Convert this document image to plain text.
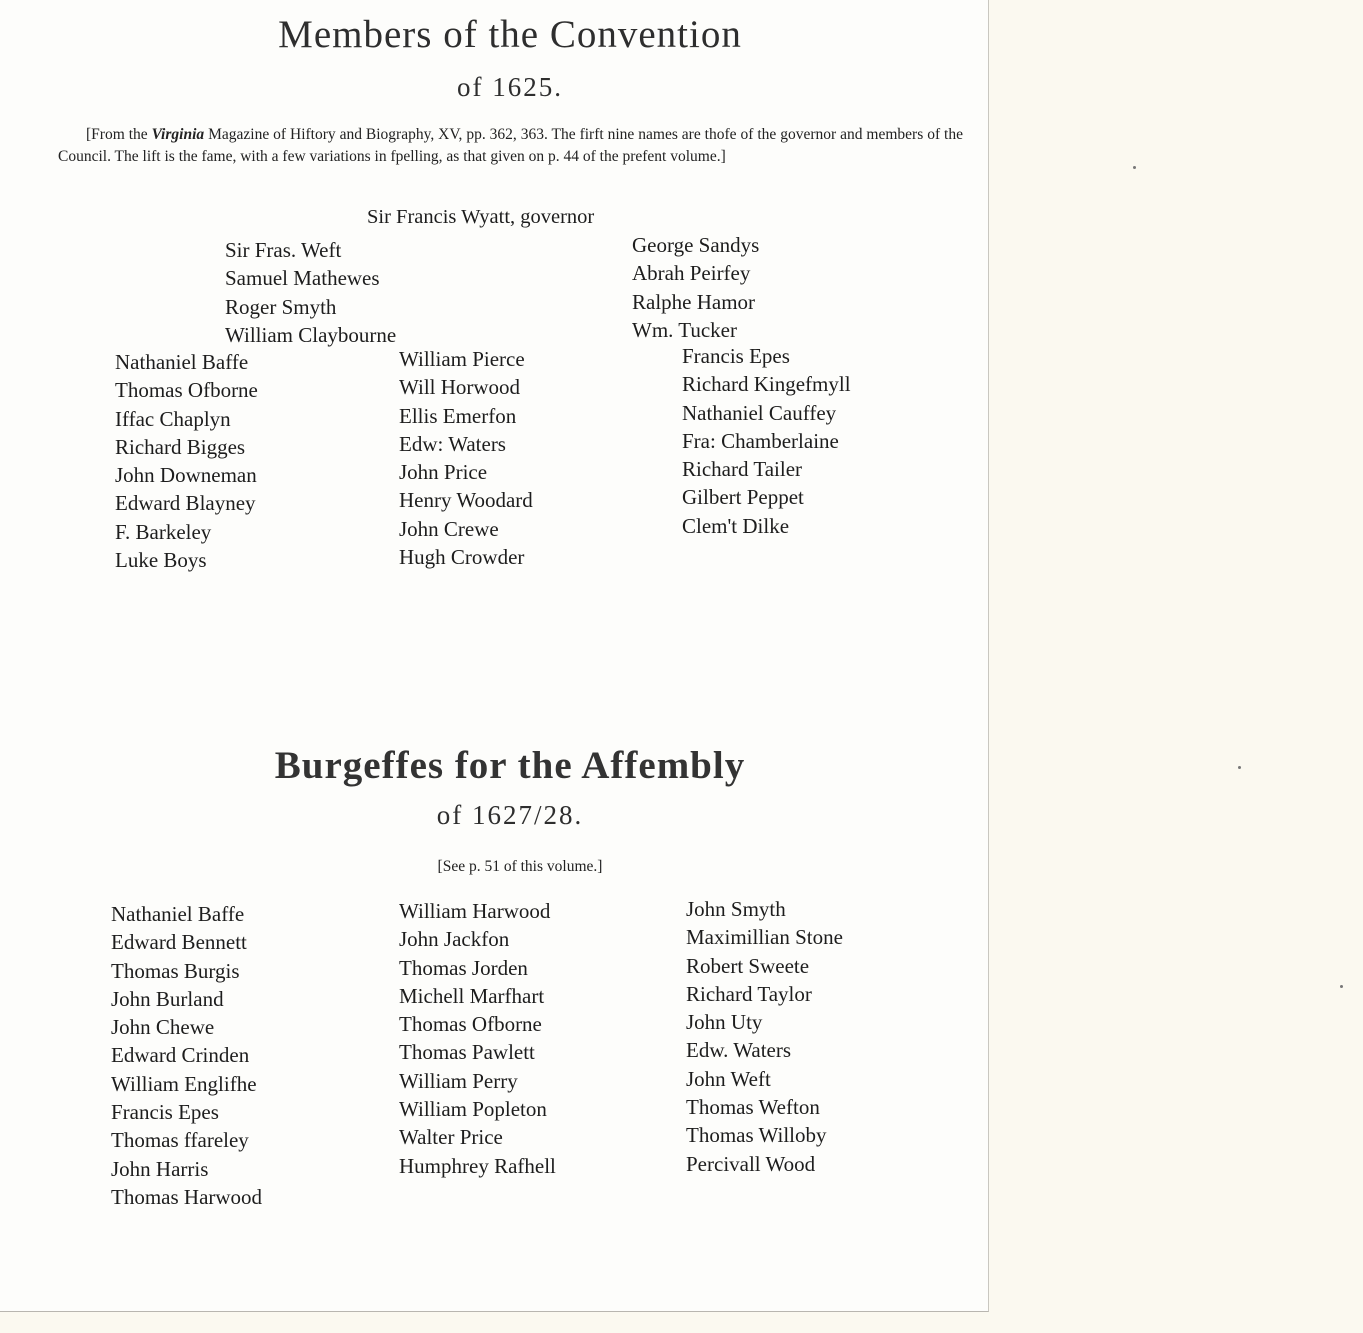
Members of the Convention
of 1625.
[From the Virginia Magazine of Hiftory and Biography, XV, pp. 362, 363. The firft nine names are thofe of the governor and members of the Council. The lift is the fame, with a few variations in fpelling, as that given on p. 44 of the prefent volume.]
Sir Francis Wyatt, governor
Sir Fras. Weft
Samuel Mathewes
Roger Smyth
William Claybourne
George Sandys
Abrah Peirfey
Ralphe Hamor
Wm. Tucker
Nathaniel Baffe
Thomas Ofborne
Iffac Chaplyn
Richard Bigges
John Downeman
Edward Blayney
F. Barkeley
Luke Boys
William Pierce
Will Horwood
Ellis Emerfon
Edw: Waters
John Price
Henry Woodard
John Crewe
Hugh Crowder
Francis Epes
Richard Kingefmyll
Nathaniel Cauffey
Fra: Chamberlaine
Richard Tailer
Gilbert Peppet
Clem't Dilke
Burgeffes for the Affembly
of 1627/28.
[See p. 51 of this volume.]
Nathaniel Baffe
Edward Bennett
Thomas Burgis
John Burland
John Chewe
Edward Crinden
William Englifhe
Francis Epes
Thomas ffareley
John Harris
Thomas Harwood
William Harwood
John Jackfon
Thomas Jorden
Michell Marfhart
Thomas Ofborne
Thomas Pawlett
William Perry
William Popleton
Walter Price
Humphrey Rafhell
John Smyth
Maximillian Stone
Robert Sweete
Richard Taylor
John Uty
Edw. Waters
John Weft
Thomas Wefton
Thomas Willoby
Percivall Wood
